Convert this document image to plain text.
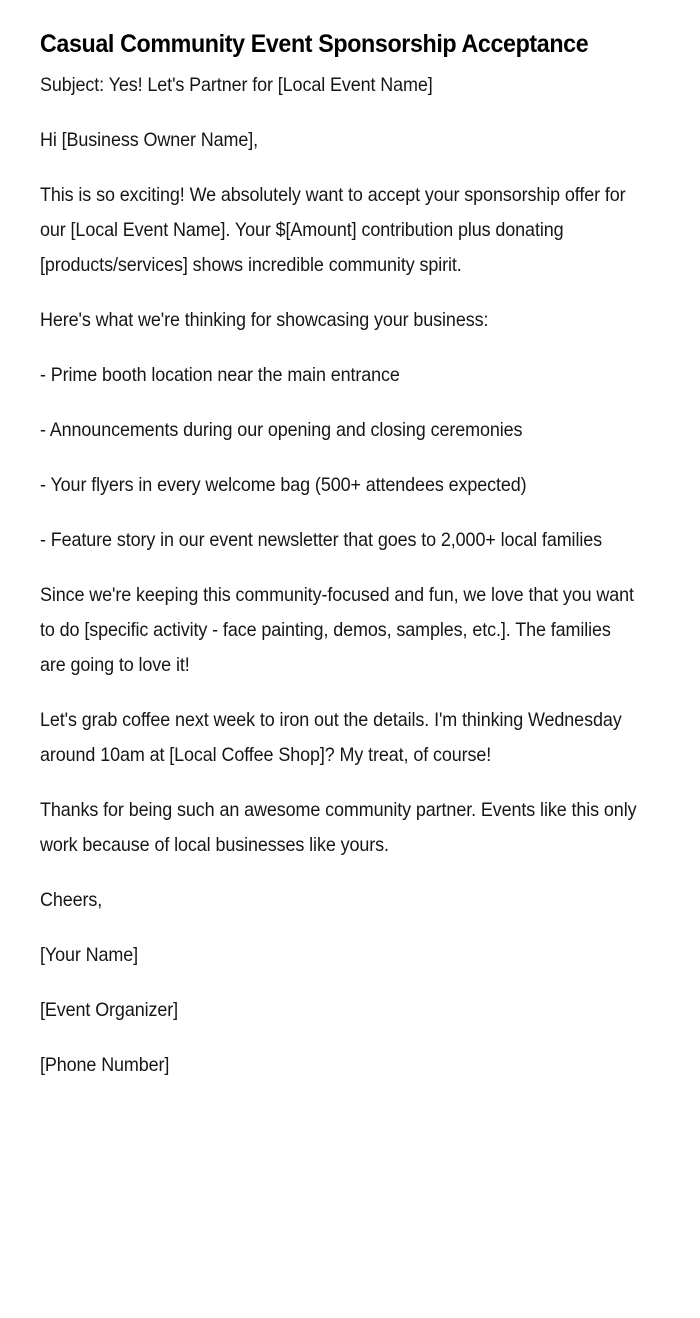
Casual Community Event Sponsorship Acceptance

Subject: Yes! Let's Partner for [Local Event Name]

Hi [Business Owner Name],

This is so exciting! We absolutely want to accept your sponsorship offer for our [Local Event Name]. Your $[Amount] contribution plus donating [products/services] shows incredible community spirit.

Here's what we're thinking for showcasing your business:

- Prime booth location near the main entrance

- Announcements during our opening and closing ceremonies

- Your flyers in every welcome bag (500+ attendees expected)

- Feature story in our event newsletter that goes to 2,000+ local families

Since we're keeping this community-focused and fun, we love that you want to do [specific activity - face painting, demos, samples, etc.]. The families are going to love it!

Let's grab coffee next week to iron out the details. I'm thinking Wednesday around 10am at [Local Coffee Shop]? My treat, of course!

Thanks for being such an awesome community partner. Events like this only work because of local businesses like yours.

Cheers,

[Your Name]

[Event Organizer]

[Phone Number]
